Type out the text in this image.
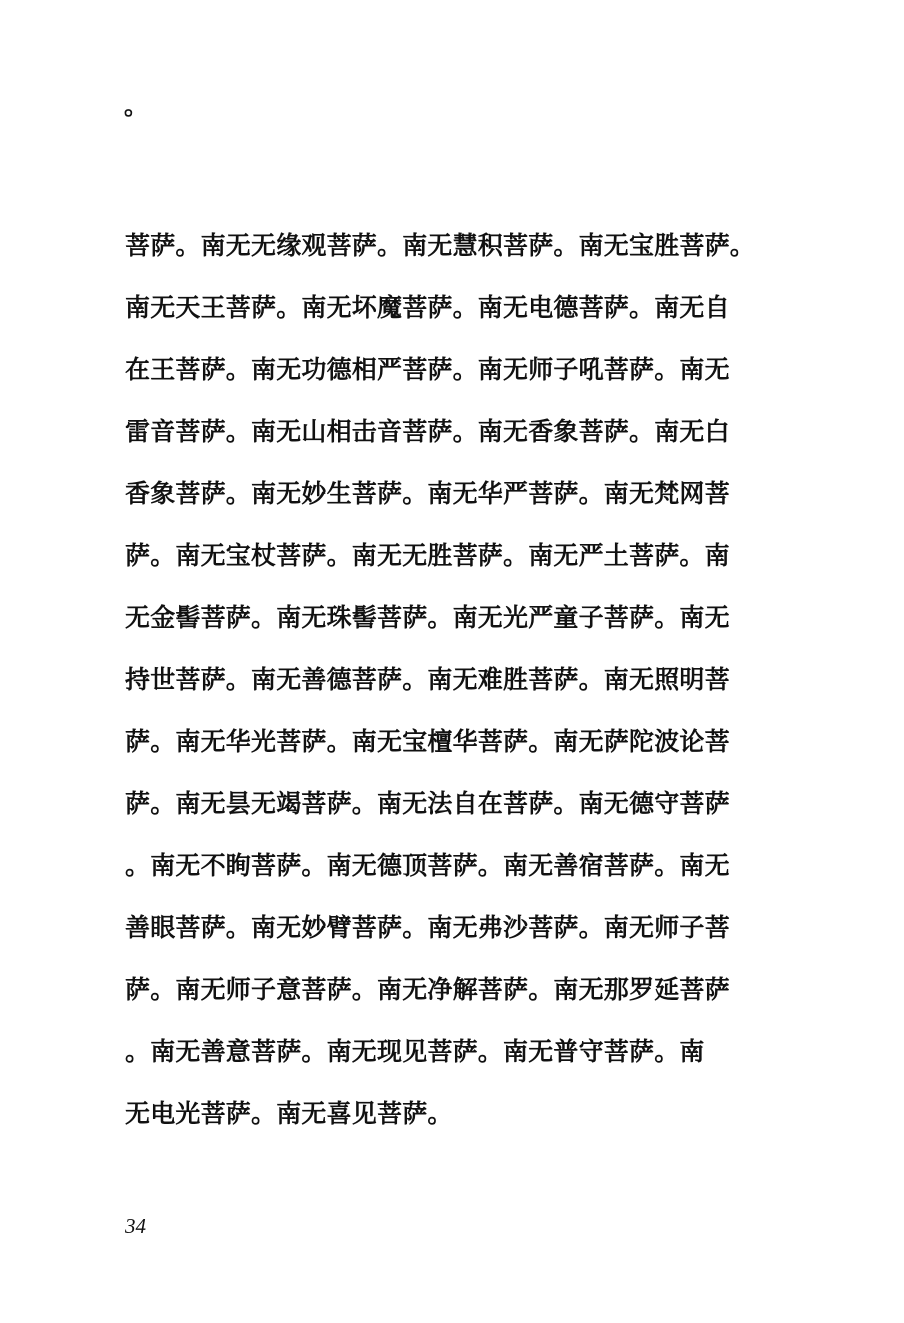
。
菩萨。南无无缘观菩萨。南无慧积菩萨。南无宝胜菩萨。
南无天王菩萨。南无坏魔菩萨。南无电德菩萨。南无自
在王菩萨。南无功德相严菩萨。南无师子吼菩萨。南无
雷音菩萨。南无山相击音菩萨。南无香象菩萨。南无白
香象菩萨。南无妙生菩萨。南无华严菩萨。南无梵网菩
萨。南无宝杖菩萨。南无无胜菩萨。南无严土菩萨。南
无金髻菩萨。南无珠髻菩萨。南无光严童子菩萨。南无
持世菩萨。南无善德菩萨。南无难胜菩萨。南无照明菩
萨。南无华光菩萨。南无宝檀华菩萨。南无萨陀波论菩
萨。南无昙无竭菩萨。南无法自在菩萨。南无德守菩萨
。南无不眴菩萨。南无德顶菩萨。南无善宿菩萨。南无
善眼菩萨。南无妙臂菩萨。南无弗沙菩萨。南无师子菩
萨。南无师子意菩萨。南无净解菩萨。南无那罗延菩萨
。南无善意菩萨。南无现见菩萨。南无普守菩萨。南
无电光菩萨。南无喜见菩萨。
34
